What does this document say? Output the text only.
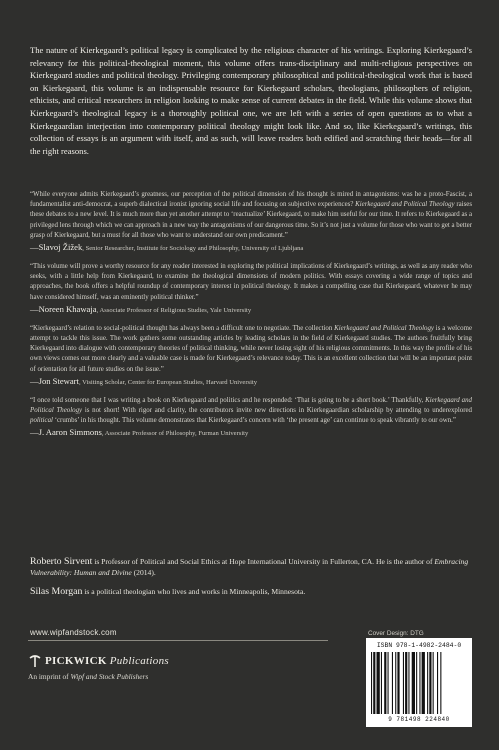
The nature of Kierkegaard’s political legacy is complicated by the religious character of his writings. Exploring Kierkegaard’s relevancy for this political-theological moment, this volume offers trans-disciplinary and multi-religious perspectives on Kierkegaard studies and political theology. Privileging contemporary philosophical and political-theological work that is based on Kierkegaard, this volume is an indispensable resource for Kierkegaard scholars, theologians, philosophers of religion, ethicists, and critical researchers in religion looking to make sense of current debates in the field. While this volume shows that Kierkegaard’s theological legacy is a thoroughly political one, we are left with a series of open questions as to what a Kierkegaardian interjection into contemporary political theology might look like. And so, like Kierkegaard’s writings, this collection of essays is an argument with itself, and as such, will leave readers both edified and scratching their heads—for all the right reasons.

“While everyone admits Kierkegaard’s greatness, our perception of the political dimension of his thought is mired in antagonisms: was he a proto-Fascist, a fundamentalist anti-democrat, a superb dialectical ironist ignoring social life and focusing on subjective experiences? Kierkegaard and Political Theology raises these debates to a new level. It is much more than yet another attempt to ‘reactualize’ Kierkegaard, to make him useful for our time. It refers to Kierkegaard as a privileged lens through which we can approach in a new way the antagonisms of our dangerous time. So it’s not just a volume for those who want to get a better grasp of Kierkegaard, but a must for all those who want to understand our own predicament.”
—Slavoj Žižek, Senior Researcher, Institute for Sociology and Philosophy, University of Ljubljana
“This volume will prove a worthy resource for any reader interested in exploring the political implications of Kierkegaard’s writings, as well as any reader who seeks, with a little help from Kierkegaard, to examine the theological dimensions of modern politics. With essays covering a wide range of topics and approaches, the book offers a helpful roundup of contemporary interest in political theology. It makes a compelling case that Kierkegaard, whatever he may have considered himself, was an eminently political thinker.”
—Noreen Khawaja, Associate Professor of Religious Studies, Yale University
“Kierkegaard’s relation to social-political thought has always been a difficult one to negotiate. The collection Kierkegaard and Political Theology is a welcome attempt to tackle this issue. The work gathers some outstanding articles by leading scholars in the field of Kierkegaard studies. The authors fruitfully bring Kierkegaard into dialogue with contemporary theories of political thinking, while never losing sight of his religious commitments. In this way the profile of his own views comes out more clearly and a valuable case is made for Kierkegaard’s relevance today. This is an excellent collection that will be an important point of orientation for all future studies on the issue.”
—Jon Stewart, Visiting Scholar, Center for European Studies, Harvard University
“I once told someone that I was writing a book on Kierkegaard and politics and he responded: ‘That is going to be a short book.’ Thankfully, Kierkegaard and Political Theology is not short! With rigor and clarity, the contributors invite new directions in Kierkegaardian scholarship by attending to underexplored political ‘crumbs’ in his thought. This volume demonstrates that Kierkegaard’s concern with ‘the present age’ can continue to speak vibrantly to our own.”
—J. Aaron Simmons, Associate Professor of Philosophy, Furman University

Roberto Sirvent is Professor of Political and Social Ethics at Hope International University in Fullerton, CA. He is the author of Embracing Vulnerability: Human and Divine (2014).

Silas Morgan is a political theologian who lives and works in Minneapolis, Minnesota.

www.wipfandstock.com
PICKWICK Publications
An imprint of Wipf and Stock Publishers
Cover Design: DTG
ISBN 978-1-4982-2484-0
9 781498 224840
